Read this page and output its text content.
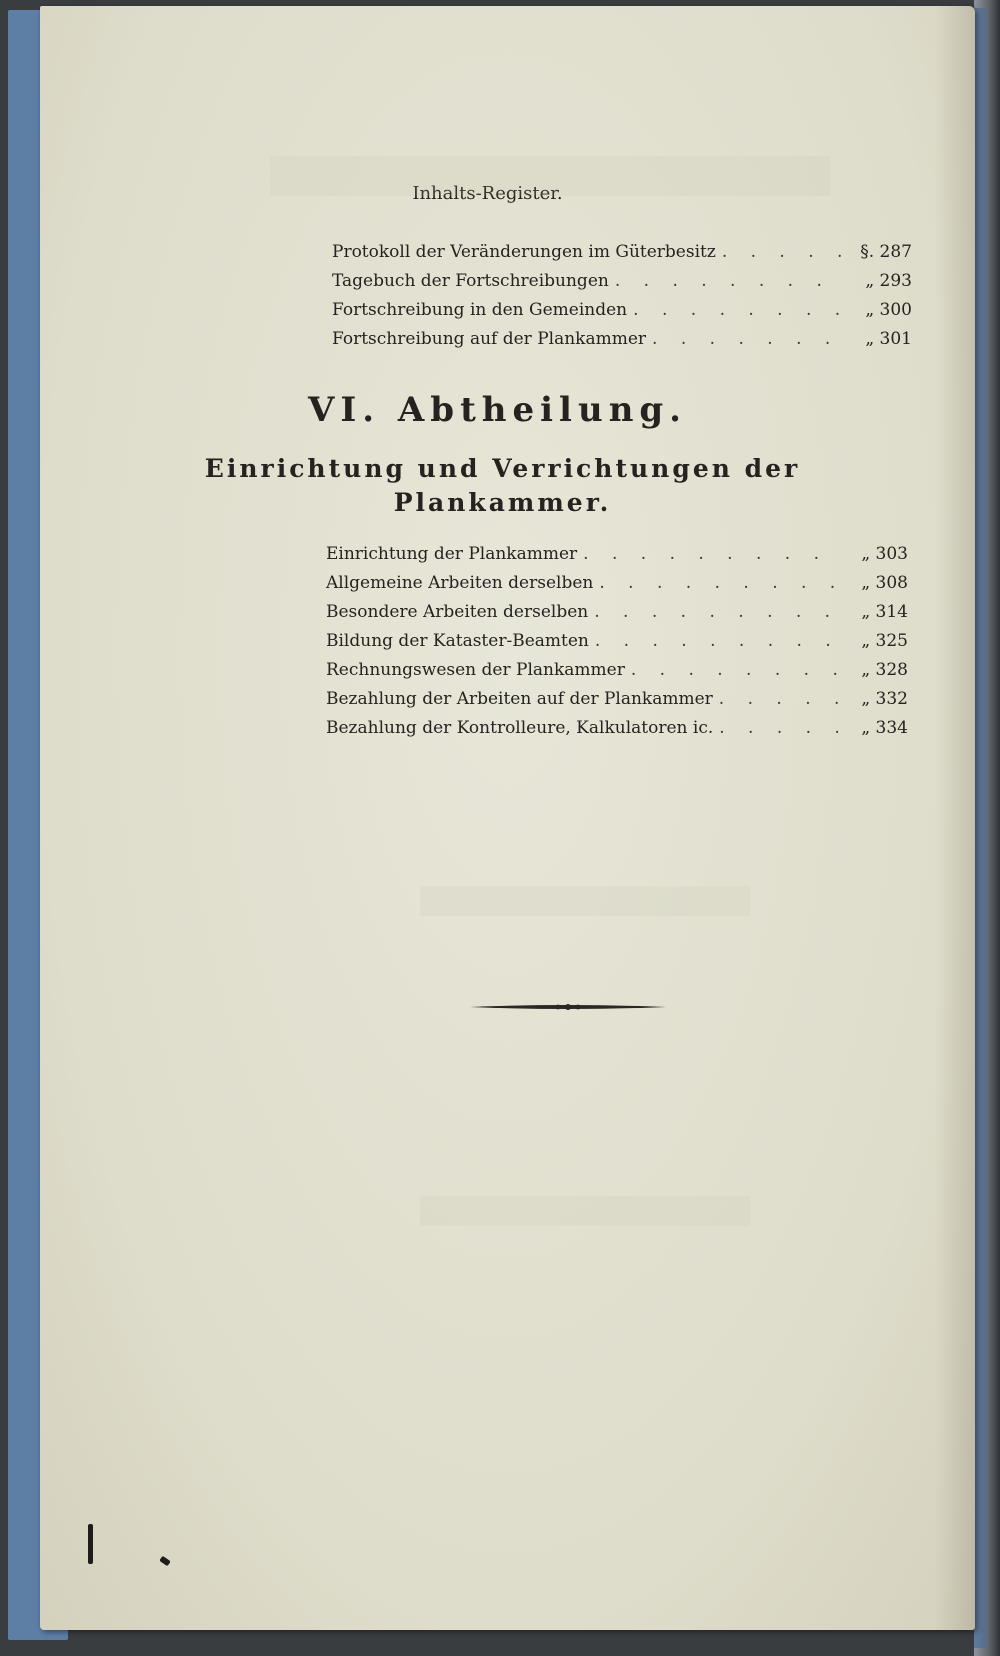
Inhalts-Register.
Protokoll der Veränderungen im Güterbesitz . . .	§. 287
Tagebuch der Fortschreibungen . . .	„ 293
Fortschreibung in den Gemeinden . . .	„ 300
Fortschreibung auf der Plankammer . . .	„ 301
VI. Abtheilung.
Einrichtung und Verrichtungen der
Plankammer.
Einrichtung der Plankammer . . .	„ 303
Allgemeine Arbeiten derselben . . .	„ 308
Besondere Arbeiten derselben . . .	„ 314
Bildung der Kataster-Beamten . . .	„ 325
Rechnungswesen der Plankammer . . .	„ 328
Bezahlung der Arbeiten auf der Plankammer . . .	„ 332
Bezahlung der Kontrolleure, Kalkulatoren ic. . . .	„ 334
